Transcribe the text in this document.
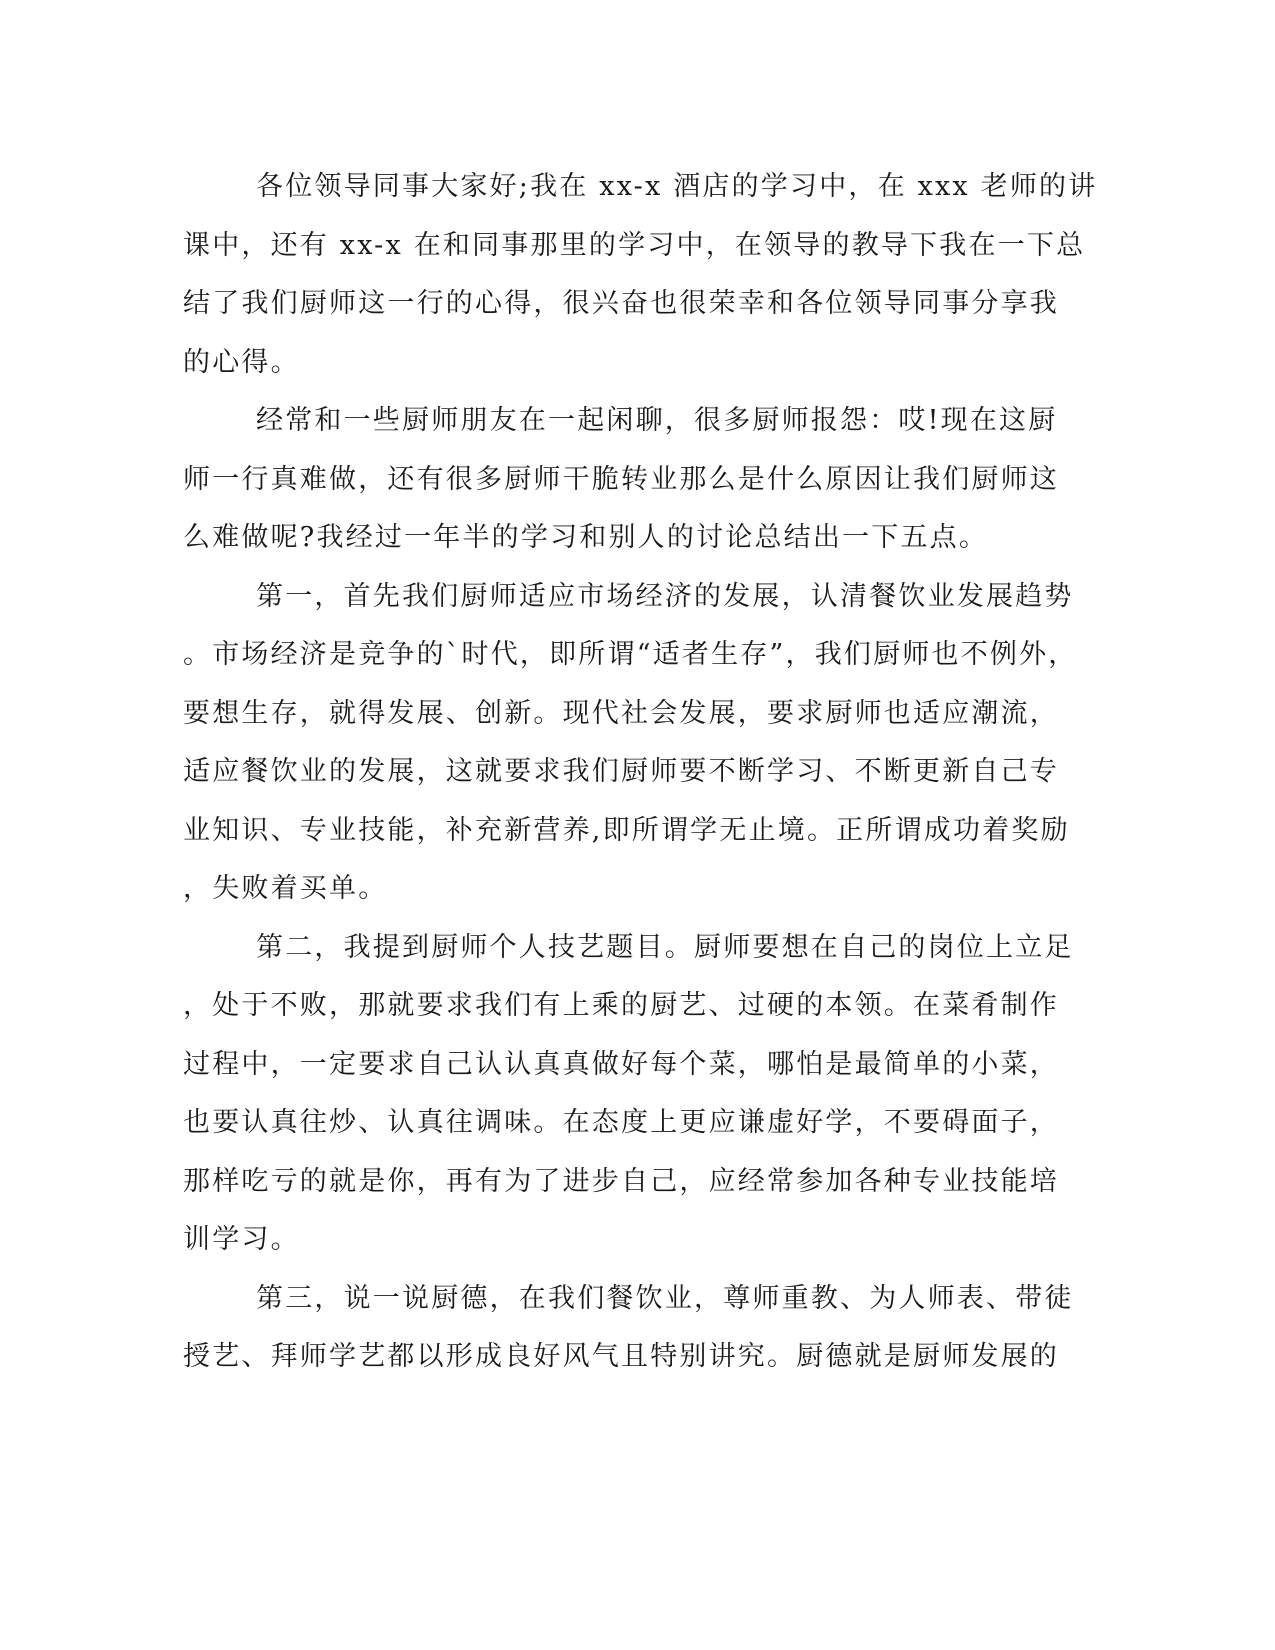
各位领导同事大家好;我在 xx-x 酒店的学习中，在 xxx 老师的讲
课中，还有 xx-x 在和同事那里的学习中，在领导的教导下我在一下总
结了我们厨师这一行的心得，很兴奋也很荣幸和各位领导同事分享我
的心得。
经常和一些厨师朋友在一起闲聊，很多厨师报怨：哎!现在这厨
师一行真难做，还有很多厨师干脆转业那么是什么原因让我们厨师这
么难做呢?我经过一年半的学习和别人的讨论总结出一下五点。
第一，首先我们厨师适应市场经济的发展，认清餐饮业发展趋势
。市场经济是竞争的`时代，即所谓“适者生存”，我们厨师也不例外，
要想生存，就得发展、创新。现代社会发展，要求厨师也适应潮流，
适应餐饮业的发展，这就要求我们厨师要不断学习、不断更新自己专
业知识、专业技能，补充新营养,即所谓学无止境。正所谓成功着奖励
，失败着买单。
第二，我提到厨师个人技艺题目。厨师要想在自己的岗位上立足
，处于不败，那就要求我们有上乘的厨艺、过硬的本领。在菜肴制作
过程中，一定要求自己认认真真做好每个菜，哪怕是最简单的小菜，
也要认真往炒、认真往调味。在态度上更应谦虚好学，不要碍面子，
那样吃亏的就是你，再有为了进步自己，应经常参加各种专业技能培
训学习。
第三，说一说厨德，在我们餐饮业，尊师重教、为人师表、带徒
授艺、拜师学艺都以形成良好风气且特别讲究。厨德就是厨师发展的
